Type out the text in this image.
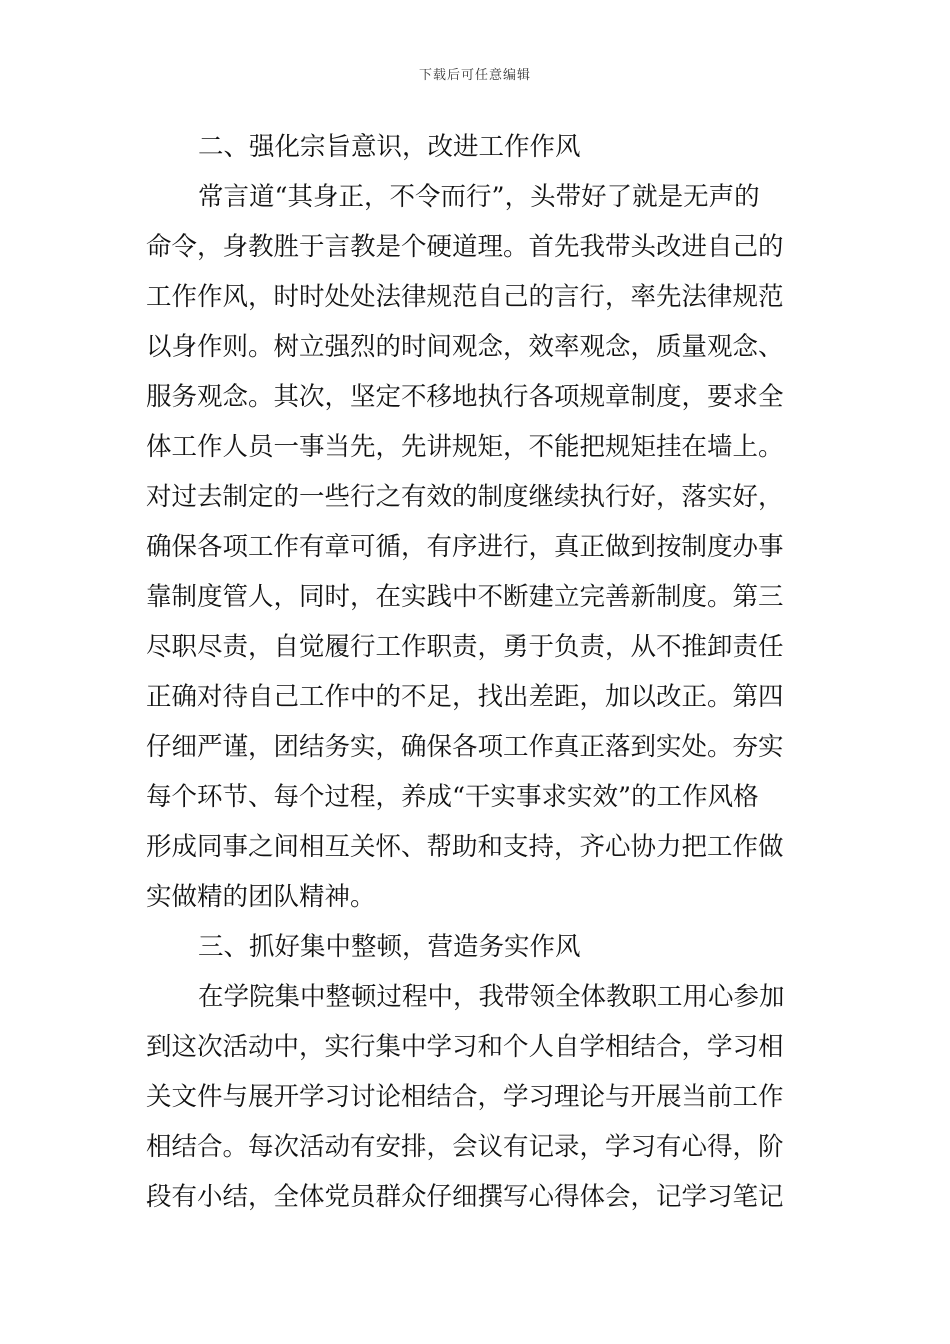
下载后可任意编辑
二、强化宗旨意识，改进工作作风
常言道“其身正，不令而行”，头带好了就是无声的
命令，身教胜于言教是个硬道理。首先我带头改进自己的
工作作风，时时处处法律规范自己的言行，率先法律规范
以身作则。树立强烈的时间观念，效率观念，质量观念、
服务观念。其次，坚定不移地执行各项规章制度，要求全
体工作人员一事当先，先讲规矩，不能把规矩挂在墙上。
对过去制定的一些行之有效的制度继续执行好，落实好，
确保各项工作有章可循，有序进行，真正做到按制度办事
靠制度管人，同时，在实践中不断建立完善新制度。第三
尽职尽责，自觉履行工作职责，勇于负责，从不推卸责任
正确对待自己工作中的不足，找出差距，加以改正。第四
仔细严谨，团结务实，确保各项工作真正落到实处。夯实
每个环节、每个过程，养成“干实事求实效”的工作风格
形成同事之间相互关怀、帮助和支持，齐心协力把工作做
实做精的团队精神。
三、抓好集中整顿，营造务实作风
在学院集中整顿过程中，我带领全体教职工用心参加
到这次活动中，实行集中学习和个人自学相结合，学习相
关文件与展开学习讨论相结合，学习理论与开展当前工作
相结合。每次活动有安排，会议有记录，学习有心得，阶
段有小结，全体党员群众仔细撰写心得体会，记学习笔记
